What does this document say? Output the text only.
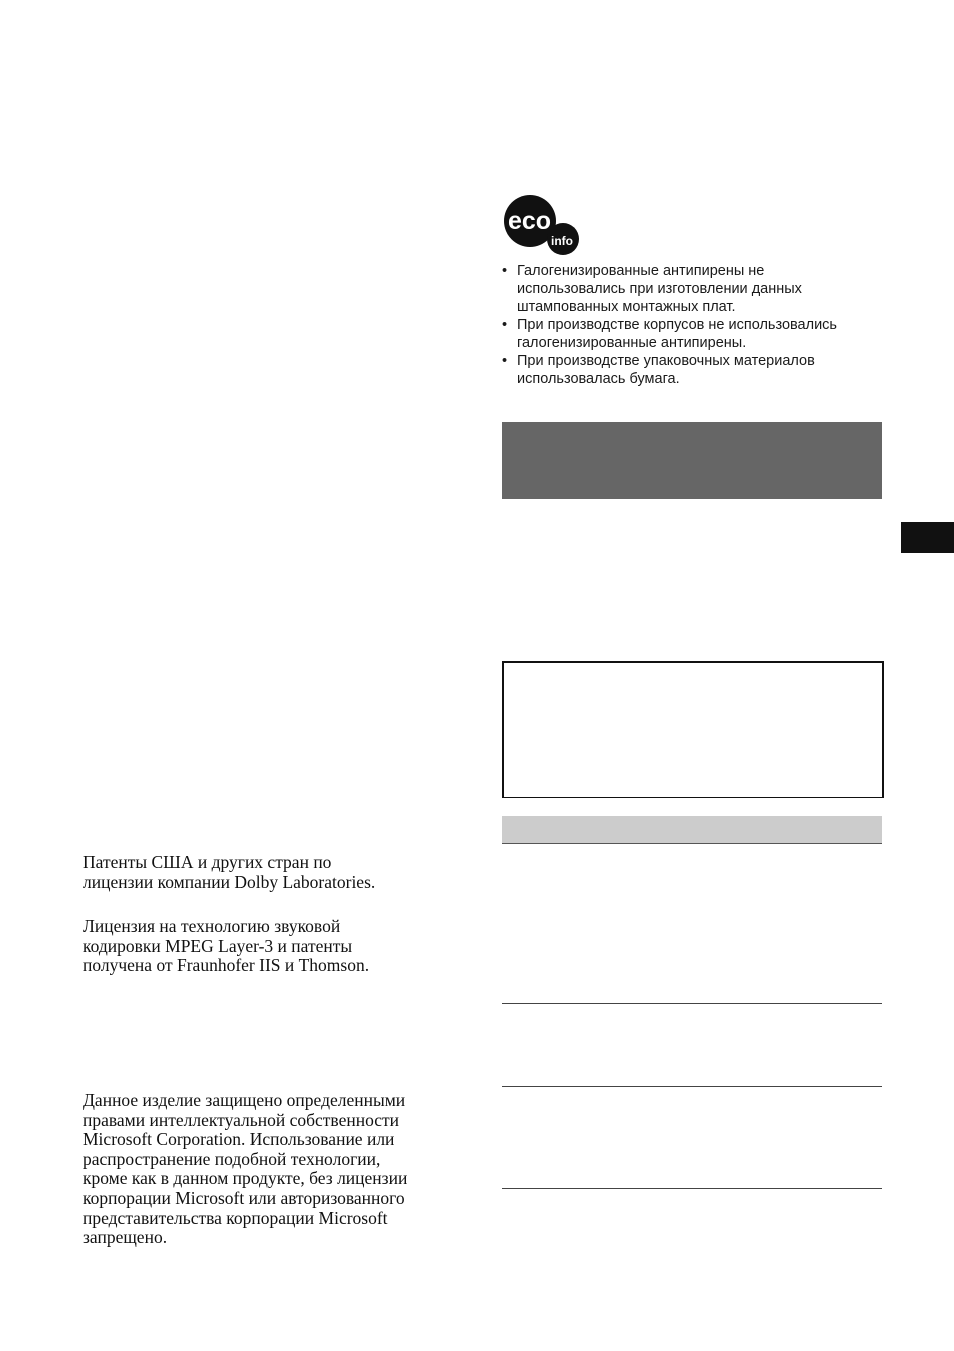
eco
info
• Галогенизированные антипирены не
использовались при изготовлении данных
штампованных монтажных плат.
• При производстве корпусов не использовались
галогенизированные антипирены.
• При производстве упаковочных материалов
использовалась бумага.

Патенты США и других стран по
лицензии компании Dolby Laboratories.

Лицензия на технологию звуковой
кодировки MPEG Layer-3 и патенты
получена от Fraunhofer IIS и Thomson.

Данное изделие защищено определенными
правами интеллектуальной собственности
Microsoft Corporation. Использование или
распространение подобной технологии,
кроме как в данном продукте, без лицензии
корпорации Microsoft или авторизованного
представительства корпорации Microsoft
запрещено.
